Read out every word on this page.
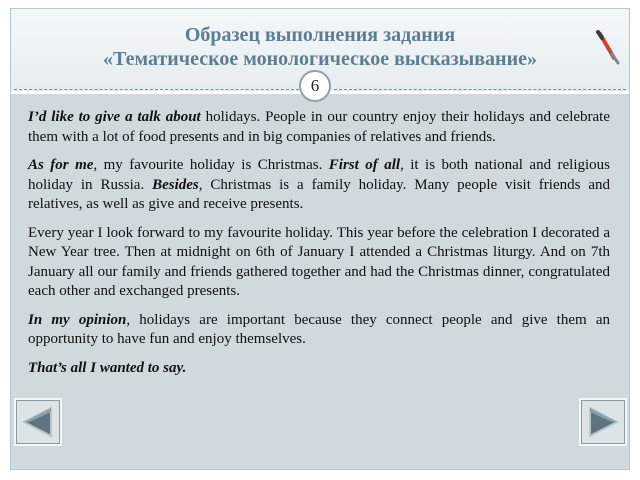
Образец выполнения задания
«Тематическое монологическое высказывание»
6

I’d like to give a talk about holidays. People in our country enjoy their holidays and celebrate them with a lot of food presents and in big companies of relatives and friends.

As for me, my favourite holiday is Christmas. First of all, it is both national and religious holiday in Russia. Besides, Christmas is a family holiday. Many people visit friends and relatives, as well as give and receive presents.

Every year I look forward to my favourite holiday. This year before the celebration I decorated a New Year tree. Then at midnight on 6th of January I attended a Christmas liturgy. And on 7th January all our family and friends gathered together and had the Christmas dinner, congratulated each other and exchanged presents.

In my opinion, holidays are important because they connect people and give them an opportunity to have fun and enjoy themselves.

That’s all I wanted to say.
